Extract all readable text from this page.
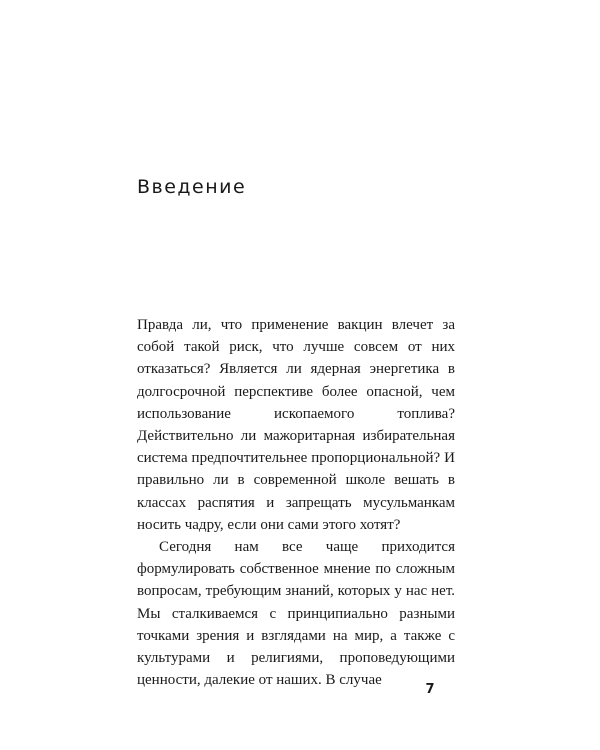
Введение

Правда ли, что применение вакцин влечет за собой такой риск, что лучше совсем от них отказаться? Является ли ядерная энергетика в долгосрочной перспективе более опасной, чем использование ископаемого топлива? Действительно ли мажоритарная избирательная система предпочтительнее пропорциональной? И правильно ли в современной школе вешать в классах распятия и запрещать мусульманкам носить чадру, если они сами этого хотят?

Сегодня нам все чаще приходится формулировать собственное мнение по сложным вопросам, требующим знаний, которых у нас нет. Мы сталкиваемся с принципиально разными точками зрения и взглядами на мир, а также с культурами и религиями, проповедующими ценности, далекие от наших. В случае

7
